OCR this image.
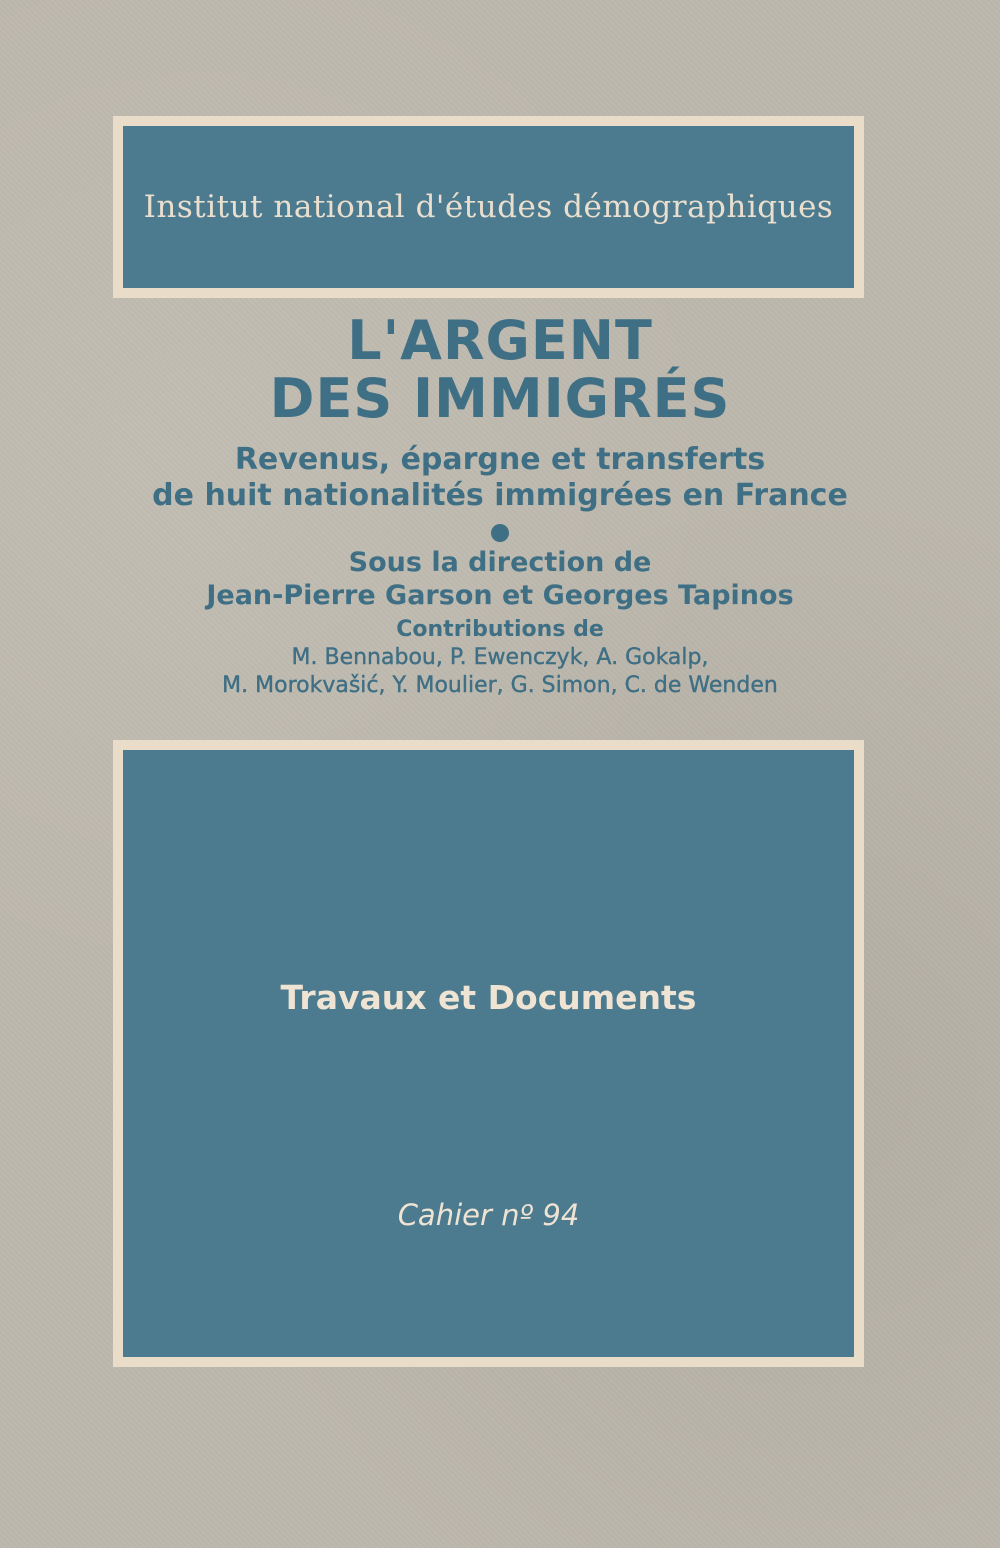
Institut national d'études démographiques
L'ARGENT
DES IMMIGRÉS
Revenus, épargne et transferts
de huit nationalités immigrées en France
Sous la direction de
Jean-Pierre Garson et Georges Tapinos
Contributions de
M. Bennabou, P. Ewenczyk, A. Gokalp,
M. Morokvašić, Y. Moulier, G. Simon, C. de Wenden
Travaux et Documents
Cahier nº 94
